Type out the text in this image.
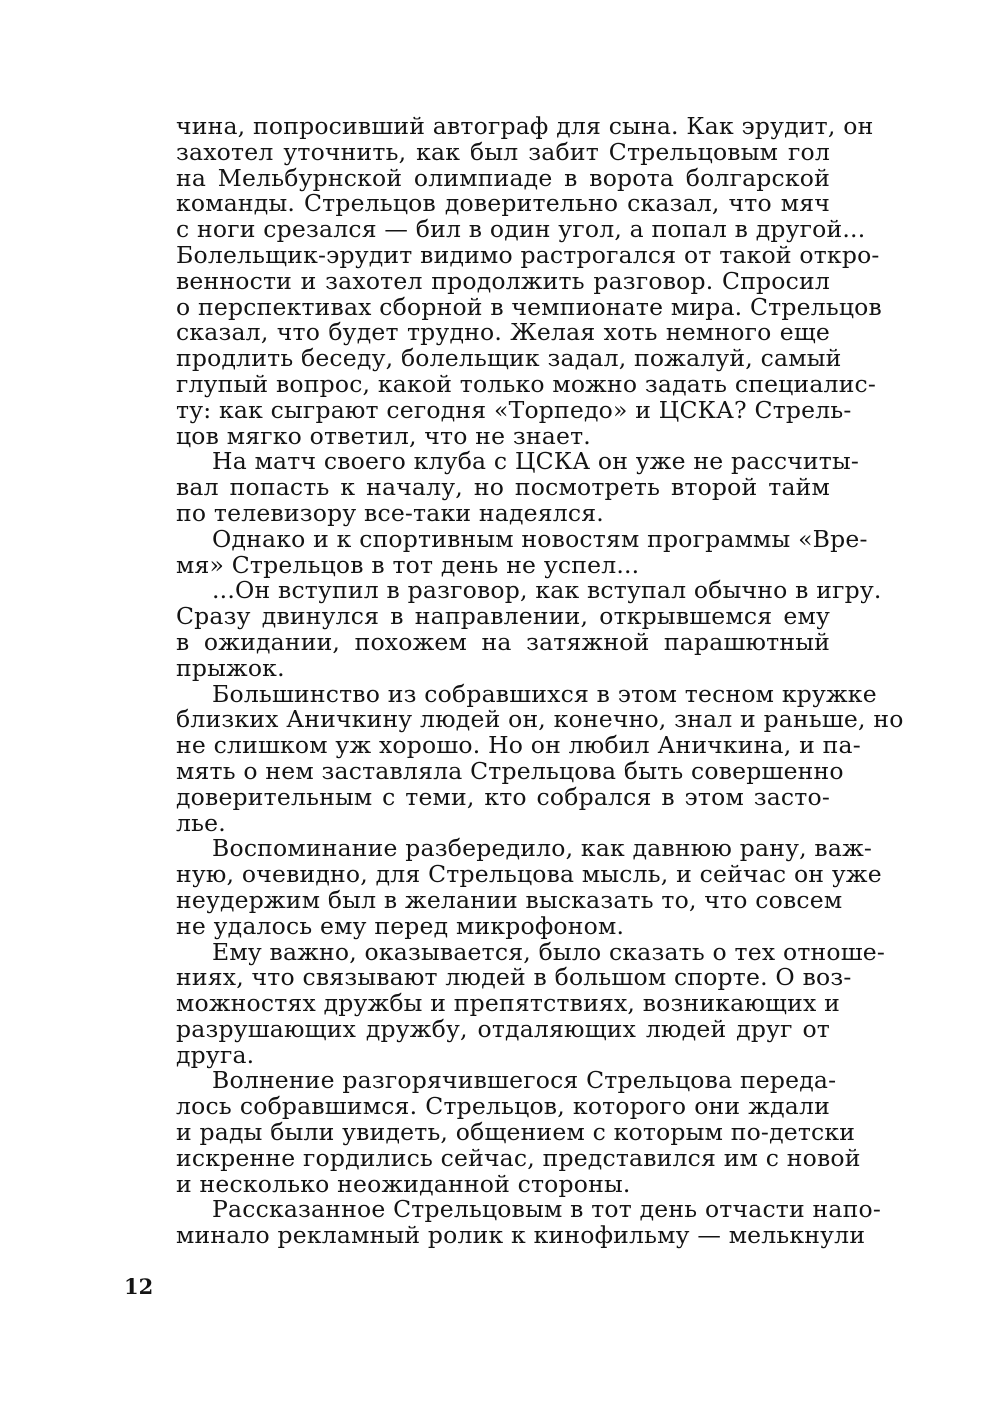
чина, попросивший автограф для сына. Как эрудит, он
захотел уточнить, как был забит Стрельцовым гол
на Мельбурнской олимпиаде в ворота болгарской
команды. Стрельцов доверительно сказал, что мяч
с ноги срезался — бил в один угол, а попал в другой...
Болельщик-эрудит видимо растрогался от такой откро-
венности и захотел продолжить разговор. Спросил
о перспективах сборной в чемпионате мира. Стрельцов
сказал, что будет трудно. Желая хоть немного еще
продлить беседу, болельщик задал, пожалуй, самый
глупый вопрос, какой только можно задать специалис-
ту: как сыграют сегодня «Торпедо» и ЦСКА? Стрель-
цов мягко ответил, что не знает.
На матч своего клуба с ЦСКА он уже не рассчиты-
вал попасть к началу, но посмотреть второй тайм
по телевизору все-таки надеялся.
Однако и к спортивным новостям программы «Вре-
мя» Стрельцов в тот день не успел...
...Он вступил в разговор, как вступал обычно в игру.
Сразу двинулся в направлении, открывшемся ему
в ожидании, похожем на затяжной парашютный
прыжок.
Большинство из собравшихся в этом тесном кружке
близких Аничкину людей он, конечно, знал и раньше, но
не слишком уж хорошо. Но он любил Аничкина, и па-
мять о нем заставляла Стрельцова быть совершенно
доверительным с теми, кто собрался в этом засто-
лье.
Воспоминание разбередило, как давнюю рану, важ-
ную, очевидно, для Стрельцова мысль, и сейчас он уже
неудержим был в желании высказать то, что совсем
не удалось ему перед микрофоном.
Ему важно, оказывается, было сказать о тех отноше-
ниях, что связывают людей в большом спорте. О воз-
можностях дружбы и препятствиях, возникающих и
разрушающих дружбу, отдаляющих людей друг от
друга.
Волнение разгорячившегося Стрельцова переда-
лось собравшимся. Стрельцов, которого они ждали
и рады были увидеть, общением с которым по-детски
искренне гордились сейчас, представился им с новой
и несколько неожиданной стороны.
Рассказанное Стрельцовым в тот день отчасти напо-
минало рекламный ролик к кинофильму — мелькнули
12
